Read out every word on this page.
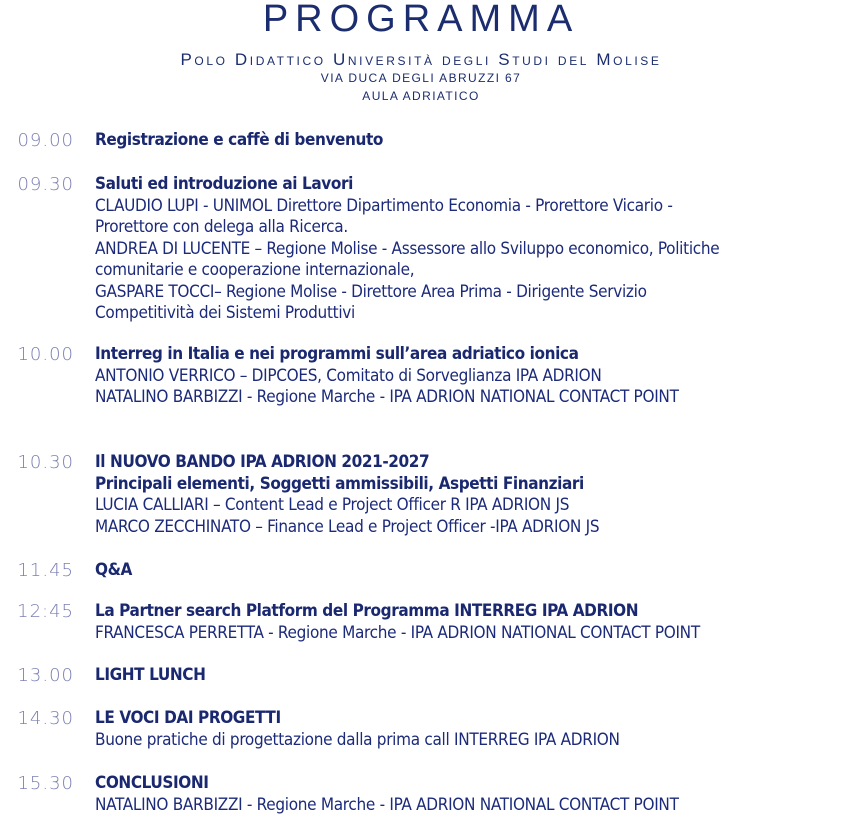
PROGRAMMA
Polo Didattico Università degli Studi del Molise
VIA DUCA DEGLI ABRUZZI 67
AULA ADRIATICO
09.00 Registrazione e caffè di benvenuto
09.30 Saluti ed introduzione ai Lavori
CLAUDIO LUPI - UNIMOL Direttore Dipartimento Economia - Prorettore Vicario -
Prorettore con delega alla Ricerca.
ANDREA DI LUCENTE – Regione Molise - Assessore allo Sviluppo economico, Politiche
comunitarie e cooperazione internazionale,
GASPARE TOCCI– Regione Molise - Direttore Area Prima - Dirigente Servizio
Competitività dei Sistemi Produttivi
10.00 Interreg in Italia e nei programmi sull’area adriatico ionica
ANTONIO VERRICO – DIPCOES, Comitato di Sorveglianza IPA ADRION
NATALINO BARBIZZI - Regione Marche - IPA ADRION NATIONAL CONTACT POINT
10.30 Il NUOVO BANDO IPA ADRION 2021-2027
Principali elementi, Soggetti ammissibili, Aspetti Finanziari
LUCIA CALLIARI – Content Lead e Project Officer R IPA ADRION JS
MARCO ZECCHINATO – Finance Lead e Project Officer -IPA ADRION JS
11.45 Q&A
12:45 La Partner search Platform del Programma INTERREG IPA ADRION
FRANCESCA PERRETTA - Regione Marche - IPA ADRION NATIONAL CONTACT POINT
13.00 LIGHT LUNCH
14.30 LE VOCI DAI PROGETTI
Buone pratiche di progettazione dalla prima call INTERREG IPA ADRION
15.30 CONCLUSIONI
NATALINO BARBIZZI - Regione Marche - IPA ADRION NATIONAL CONTACT POINT
